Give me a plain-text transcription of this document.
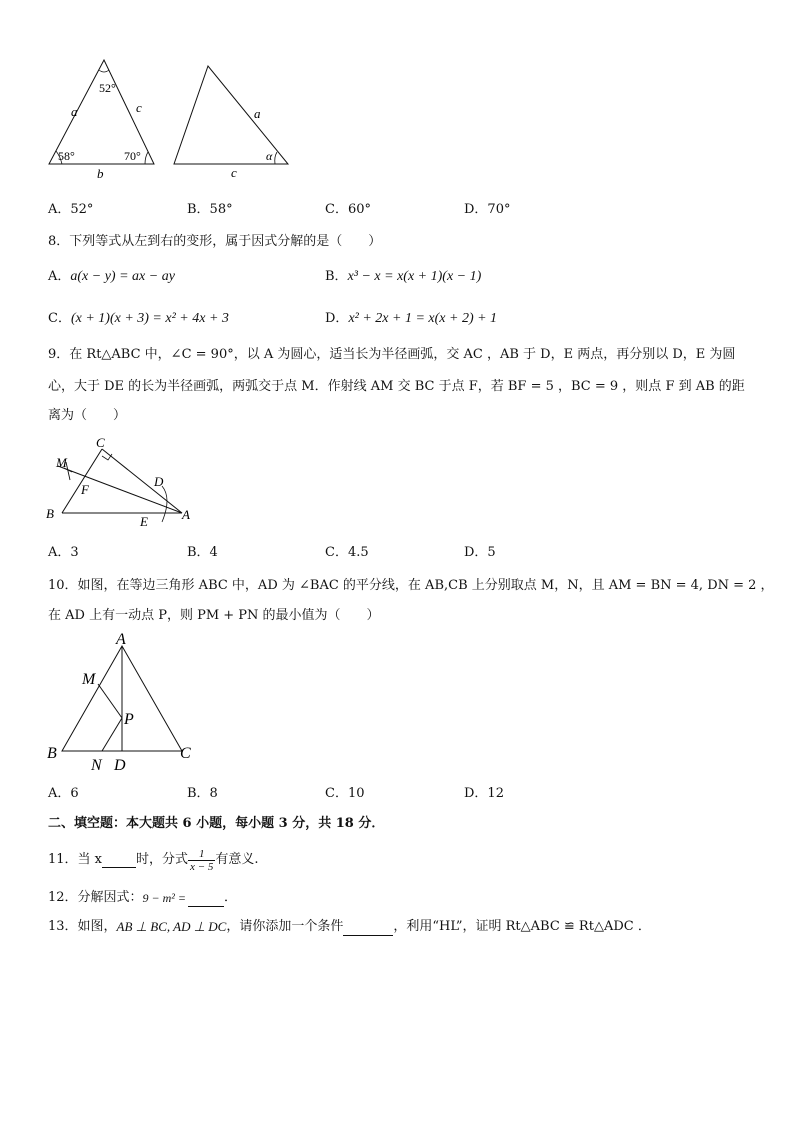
a	c
b
52°
58°	70°
a
c
α
A．52°	B．58°	C．60°	D．70°
8．下列等式从左到右的变形，属于因式分解的是（　　）
A．a(x − y) = ax − ay	B．x³ − x = x(x + 1)(x − 1)
C．(x + 1)(x + 3) = x² + 4x + 3	D．x² + 2x + 1 = x(x + 2) + 1
9．在 Rt△ABC 中，∠C = 90°，以 A 为圆心，适当长为半径画弧，交 AC ，AB 于 D，E 两点，再分别以 D，E 为圆
心，大于 DE 的长为半径画弧，两弧交于点 M．作射线 AM 交 BC 于点 F，若 BF = 5 ，BC = 9 ，则点 F 到 AB 的距
离为（　　）
C
M
D
F
B
E	A
A．3	B．4	C．4.5	D．5
10．如图，在等边三角形 ABC 中，AD 为 ∠BAC 的平分线，在 AB,CB 上分别取点 M，N，且 AM = BN = 4, DN = 2 ，
在 AD 上有一动点 P，则 PM + PN 的最小值为（　　）
A
M
P
B
N D
C
A．6	B．8	C．10	D．12
二、填空题：本大题共 6 小题，每小题 3 分，共 18 分．
11．当 x	时，分式 $\frac{1}{x - 5}$ 有意义.
12．分解因式： 9 − m² =	．
13．如图， AB ⊥ BC, AD ⊥ DC ，请你添加一个条件	，利用“HL”，证明 Rt△ABC ≌ Rt△ADC ．
